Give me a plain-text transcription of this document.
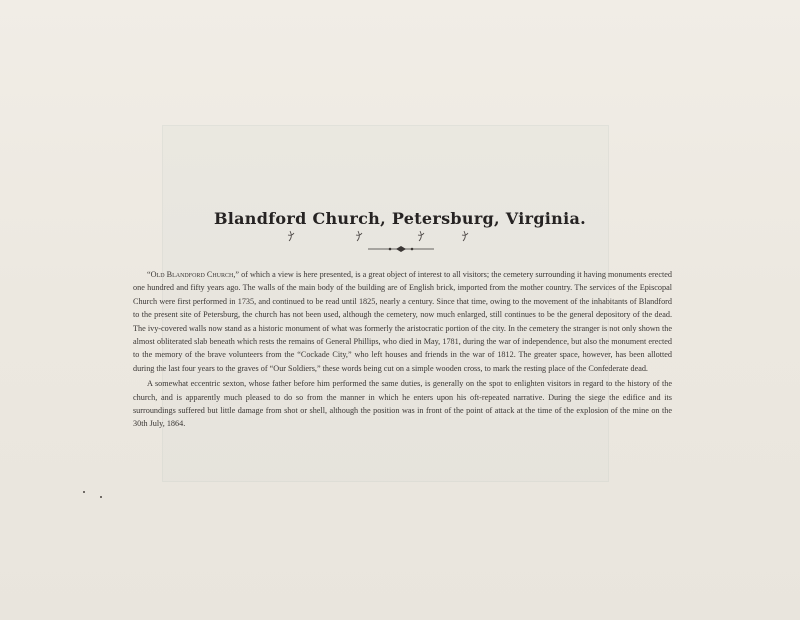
Blandford Church, Petersburg, Virginia.

“Old Blandford Church,” of which a view is here presented, is a great object of interest to all visitors; the cemetery surrounding it having monuments erected one hundred and fifty years ago. The walls of the main body of the building are of English brick, imported from the mother country. The services of the Episcopal Church were first performed in 1735, and continued to be read until 1825, nearly a century. Since that time, owing to the movement of the inhabitants of Blandford to the present site of Petersburg, the church has not been used, although the cemetery, now much enlarged, still continues to be the general depository of the dead. The ivy-covered walls now stand as a historic monument of what was formerly the aristocratic portion of the city. In the cemetery the stranger is not only shown the almost obliterated slab beneath which rests the remains of General Phillips, who died in May, 1781, during the war of independence, but also the monument erected to the memory of the brave volunteers from the “Cockade City,” who left houses and friends in the war of 1812. The greater space, however, has been allotted during the last four years to the graves of “Our Soldiers,” these words being cut on a simple wooden cross, to mark the resting place of the Confederate dead.

A somewhat eccentric sexton, whose father before him performed the same duties, is generally on the spot to enlighten visitors in regard to the history of the church, and is apparently much pleased to do so from the manner in which he enters upon his oft-repeated narrative. During the siege the edifice and its surroundings suffered but little damage from shot or shell, although the position was in front of the point of attack at the time of the explosion of the mine on the 30th July, 1864.
